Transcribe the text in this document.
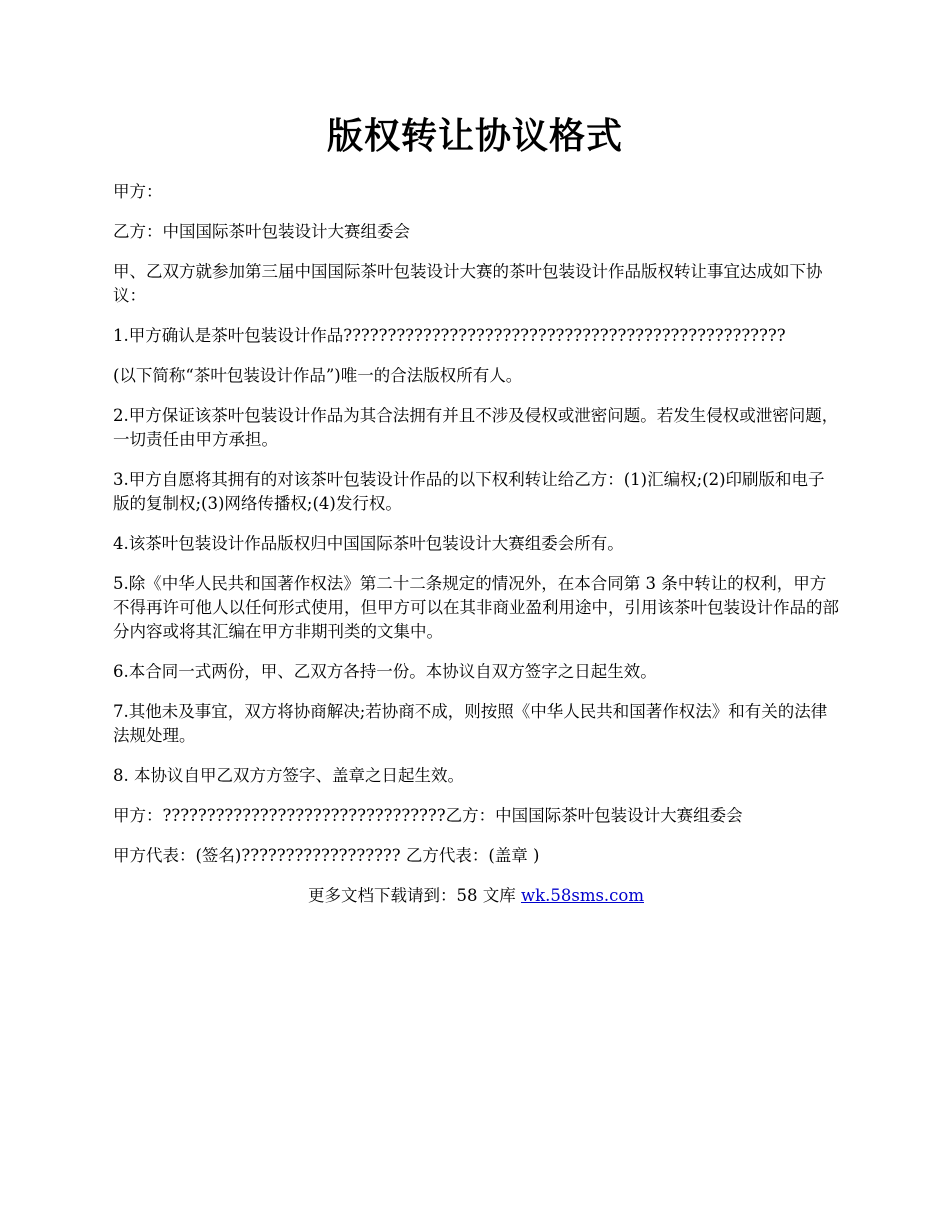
版权转让协议格式

甲方：

乙方：中国国际茶叶包装设计大赛组委会

甲、乙双方就参加第三届中国国际茶叶包装设计大赛的茶叶包装设计作品版权转让事宜达成如下协议：

1.甲方确认是茶叶包装设计作品??????????????????????????????????????????????????

(以下简称“茶叶包装设计作品”)唯一的合法版权所有人。

2.甲方保证该茶叶包装设计作品为其合法拥有并且不涉及侵权或泄密问题。若发生侵权或泄密问题，一切责任由甲方承担。

3.甲方自愿将其拥有的对该茶叶包装设计作品的以下权利转让给乙方：(1)汇编权;(2)印刷版和电子版的复制权;(3)网络传播权;(4)发行权。

4.该茶叶包装设计作品版权归中国国际茶叶包装设计大赛组委会所有。

5.除《中华人民共和国著作权法》第二十二条规定的情况外，在本合同第 3 条中转让的权利，甲方不得再许可他人以任何形式使用，但甲方可以在其非商业盈利用途中，引用该茶叶包装设计作品的部分内容或将其汇编在甲方非期刊类的文集中。

6.本合同一式两份，甲、乙双方各持一份。本协议自双方签字之日起生效。

7.其他未及事宜，双方将协商解决;若协商不成，则按照《中华人民共和国著作权法》和有关的法律法规处理。

8. 本协议自甲乙双方方签字、盖章之日起生效。

甲方：????????????????????????????????乙方：中国国际茶叶包装设计大赛组委会

甲方代表：(签名)?????????????????? 乙方代表：(盖章 )

更多文档下载请到：58 文库 wk.58sms.com
